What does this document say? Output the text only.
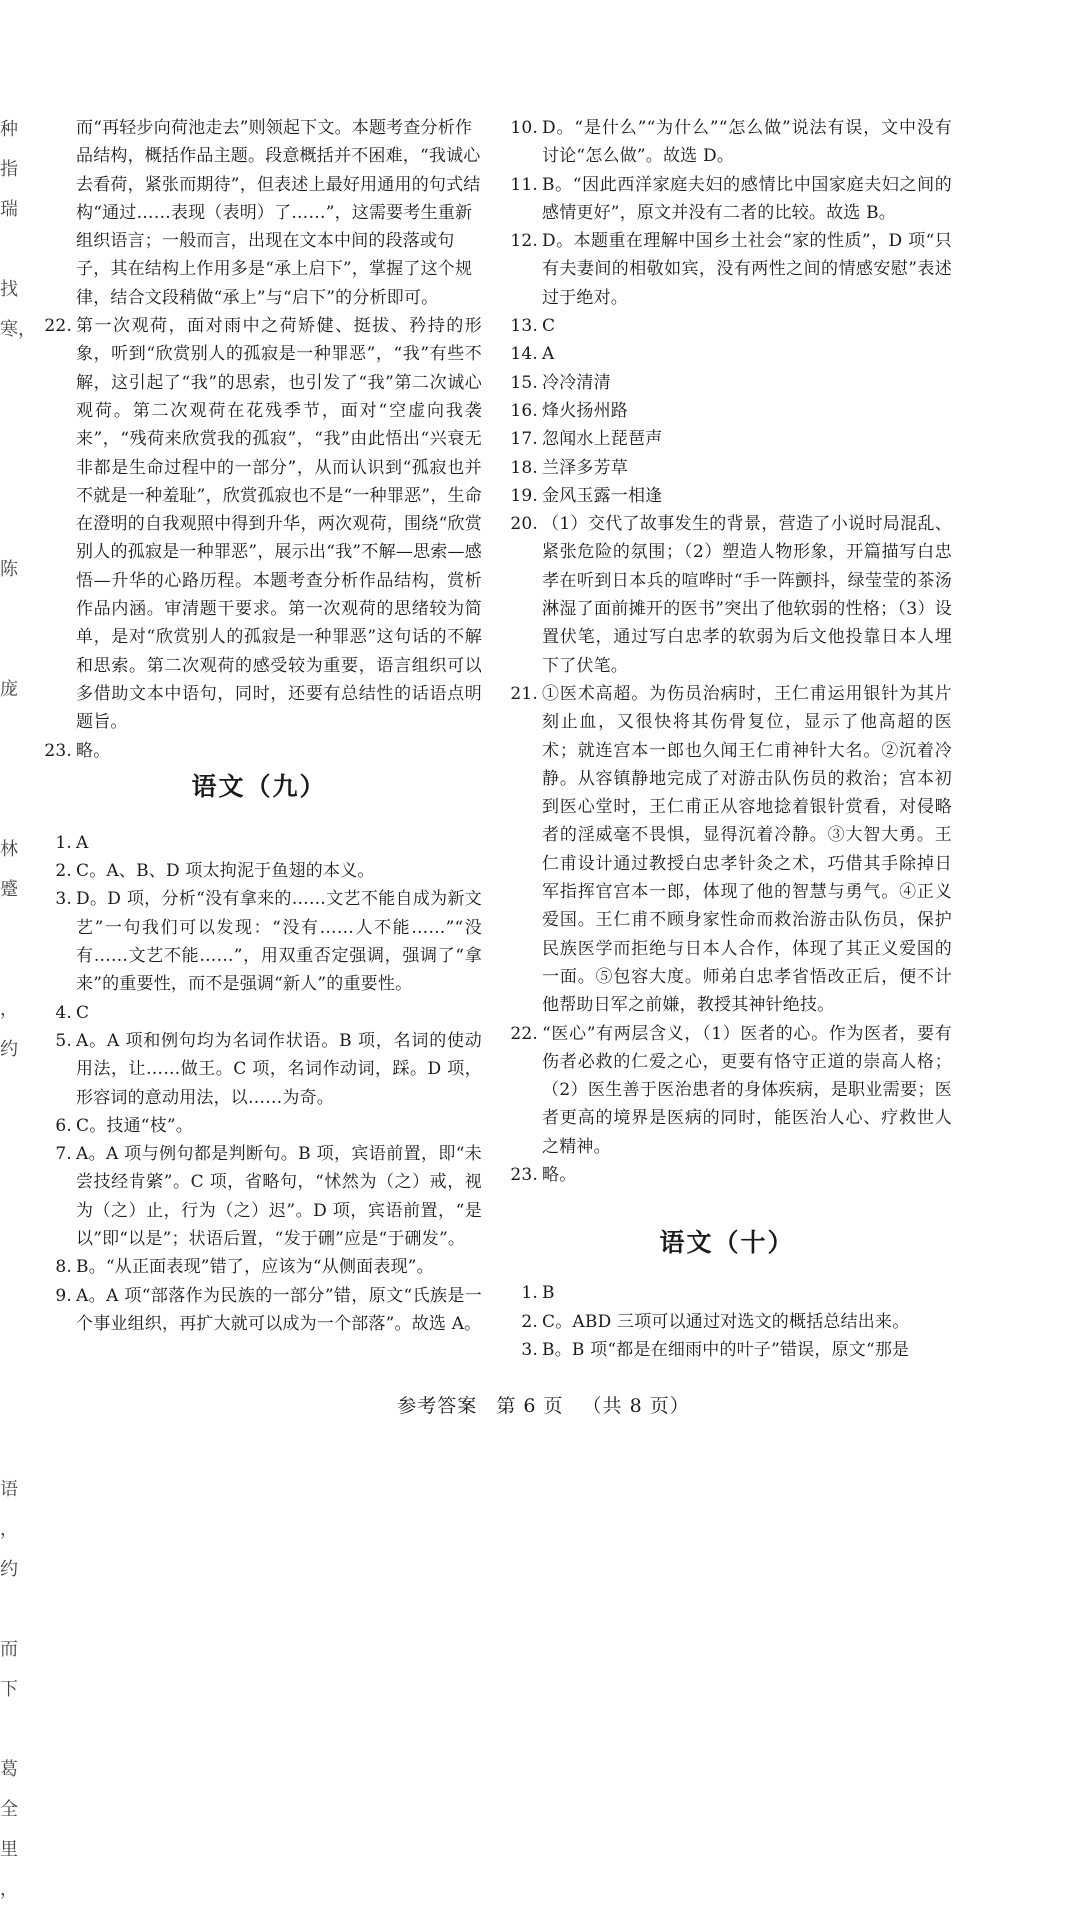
种
指
瑞
找
寒，
陈
庞
林
蹙
，
约
语
，
约
而
下
葛
全
里
，
而“再轻步向荷池走去”则领起下文。本题考查分析作品结构，概括作品主题。段意概括并不困难，“我诚心去看荷，紧张而期待”，但表述上最好用通用的句式结构“通过……表现（表明）了……”，这需要考生重新组织语言；一般而言，出现在文本中间的段落或句子，其在结构上作用多是“承上启下”，掌握了这个规律，结合文段稍做“承上”与“启下”的分析即可。
22. 第一次观荷，面对雨中之荷矫健、挺拔、矜持的形象，听到“欣赏别人的孤寂是一种罪恶”，“我”有些不解，这引起了“我”的思索，也引发了“我”第二次诚心观荷。第二次观荷在花残季节，面对“空虚向我袭来”，“残荷来欣赏我的孤寂”，“我”由此悟出“兴衰无非都是生命过程中的一部分”，从而认识到“孤寂也并不就是一种羞耻”，欣赏孤寂也不是“一种罪恶”，生命在澄明的自我观照中得到升华，两次观荷，围绕“欣赏别人的孤寂是一种罪恶”，展示出“我”不解—思索—感悟—升华的心路历程。本题考查分析作品结构，赏析作品内涵。审清题干要求。第一次观荷的思绪较为简单，是对“欣赏别人的孤寂是一种罪恶”这句话的不解和思索。第二次观荷的感受较为重要，语言组织可以多借助文本中语句，同时，还要有总结性的话语点明题旨。
23. 略。
语文（九）
1. A
2. C。A、B、D 项太拘泥于鱼翅的本义。
3. D。D 项，分析“没有拿来的……文艺不能自成为新文艺”一句我们可以发现：“没有……人不能……”“没有……文艺不能……”，用双重否定强调，强调了“拿来”的重要性，而不是强调“新人”的重要性。
4. C
5. A。A 项和例句均为名词作状语。B 项，名词的使动用法，让……做王。C 项，名词作动词，踩。D 项，形容词的意动用法，以……为奇。
6. C。技通“枝”。
7. A。A 项与例句都是判断句。B 项，宾语前置，即“未尝技经肯綮”。C 项，省略句，“怵然为（之）戒，视为（之）止，行为（之）迟”。D 项，宾语前置，“是以”即“以是”；状语后置，“发于硎”应是“于硎发”。
8. B。“从正面表现”错了，应该为“从侧面表现”。
9. A。A 项“部落作为民族的一部分”错，原文“氏族是一个事业组织，再扩大就可以成为一个部落”。故选 A。
10. D。“是什么”“为什么”“怎么做”说法有误，文中没有讨论“怎么做”。故选 D。
11. B。“因此西洋家庭夫妇的感情比中国家庭夫妇之间的感情更好”，原文并没有二者的比较。故选 B。
12. D。本题重在理解中国乡土社会“家的性质”，D 项“只有夫妻间的相敬如宾，没有两性之间的情感安慰”表述过于绝对。
13. C
14. A
15. 冷冷清清
16. 烽火扬州路
17. 忽闻水上琵琶声
18. 兰泽多芳草
19. 金风玉露一相逢
20. （1）交代了故事发生的背景，营造了小说时局混乱、紧张危险的氛围；（2）塑造人物形象，开篇描写白忠孝在听到日本兵的喧哗时“手一阵颤抖，绿莹莹的茶汤淋湿了面前摊开的医书”突出了他软弱的性格；（3）设置伏笔，通过写白忠孝的软弱为后文他投靠日本人埋下了伏笔。
21. ①医术高超。为伤员治病时，王仁甫运用银针为其片刻止血，又很快将其伤骨复位，显示了他高超的医术；就连宫本一郎也久闻王仁甫神针大名。②沉着冷静。从容镇静地完成了对游击队伤员的救治；宫本初到医心堂时，王仁甫正从容地捻着银针赏看，对侵略者的淫威毫不畏惧，显得沉着冷静。③大智大勇。王仁甫设计通过教授白忠孝针灸之术，巧借其手除掉日军指挥官宫本一郎，体现了他的智慧与勇气。④正义爱国。王仁甫不顾身家性命而救治游击队伤员，保护民族医学而拒绝与日本人合作，体现了其正义爱国的一面。⑤包容大度。师弟白忠孝省悟改正后，便不计他帮助日军之前嫌，教授其神针绝技。
22. “医心”有两层含义，（1）医者的心。作为医者，要有伤者必救的仁爱之心，更要有恪守正道的崇高人格；（2）医生善于医治患者的身体疾病，是职业需要；医者更高的境界是医病的同时，能医治人心、疗救世人之精神。
23. 略。
语文（十）
1. B
2. C。ABD 三项可以通过对选文的概括总结出来。
3. B。B 项“都是在细雨中的叶子”错误，原文“那是
参考答案 第 6 页 （共 8 页）
